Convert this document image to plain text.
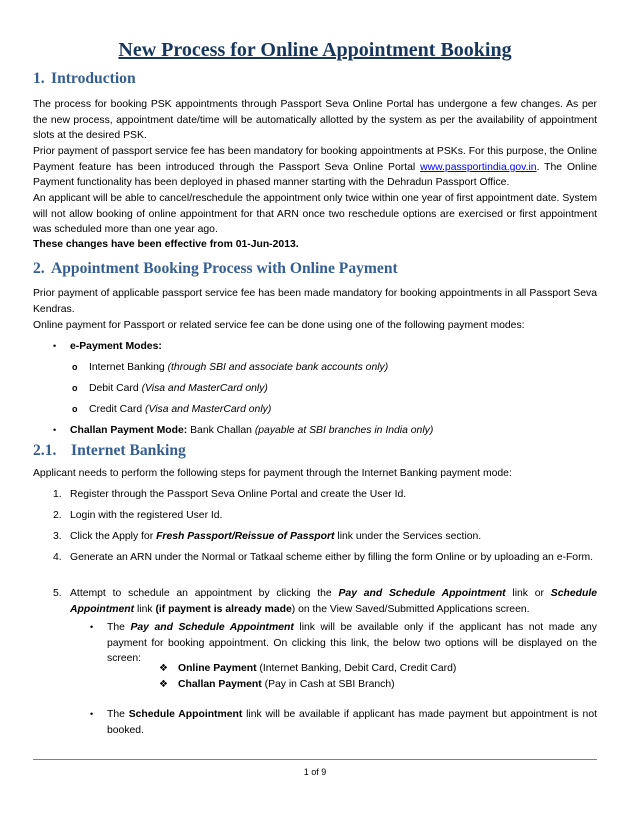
New Process for Online Appointment Booking
1. Introduction

The process for booking PSK appointments through Passport Seva Online Portal has undergone a few changes. As per the new process, appointment date/time will be automatically allotted by the system as per the availability of appointment slots at the desired PSK.

Prior payment of passport service fee has been mandatory for booking appointments at PSKs. For this purpose, the Online Payment feature has been introduced through the Passport Seva Online Portal www.passportindia.gov.in. The Online Payment functionality has been deployed in phased manner starting with the Dehradun Passport Office.

An applicant will be able to cancel/reschedule the appointment only twice within one year of first appointment date. System will not allow booking of online appointment for that ARN once two reschedule options are exercised or first appointment was scheduled more than one year ago.

These changes have been effective from 01-Jun-2013.

2. Appointment Booking Process with Online Payment

Prior payment of applicable passport service fee has been made mandatory for booking appointments in all Passport Seva Kendras.

Online payment for Passport or related service fee can be done using one of the following payment modes:

• e-Payment Modes:
o Internet Banking (through SBI and associate bank accounts only)
o Debit Card (Visa and MasterCard only)
o Credit Card (Visa and MasterCard only)
• Challan Payment Mode: Bank Challan (payable at SBI branches in India only)
2.1. Internet Banking

Applicant needs to perform the following steps for payment through the Internet Banking payment mode:

1. Register through the Passport Seva Online Portal and create the User Id.
2. Login with the registered User Id.
3. Click the Apply for Fresh Passport/Reissue of Passport link under the Services section.
4. Generate an ARN under the Normal or Tatkaal scheme either by filling the form Online or by uploading an e-Form.
5. Attempt to schedule an appointment by clicking the Pay and Schedule Appointment link or Schedule Appointment link (if payment is already made) on the View Saved/Submitted Applications screen.
• The Pay and Schedule Appointment link will be available only if the applicant has not made any payment for booking appointment. On clicking this link, the below two options will be displayed on the screen:
❖ Online Payment (Internet Banking, Debit Card, Credit Card)
❖ Challan Payment (Pay in Cash at SBI Branch)
• The Schedule Appointment link will be available if applicant has made payment but appointment is not booked.
1 of 9
